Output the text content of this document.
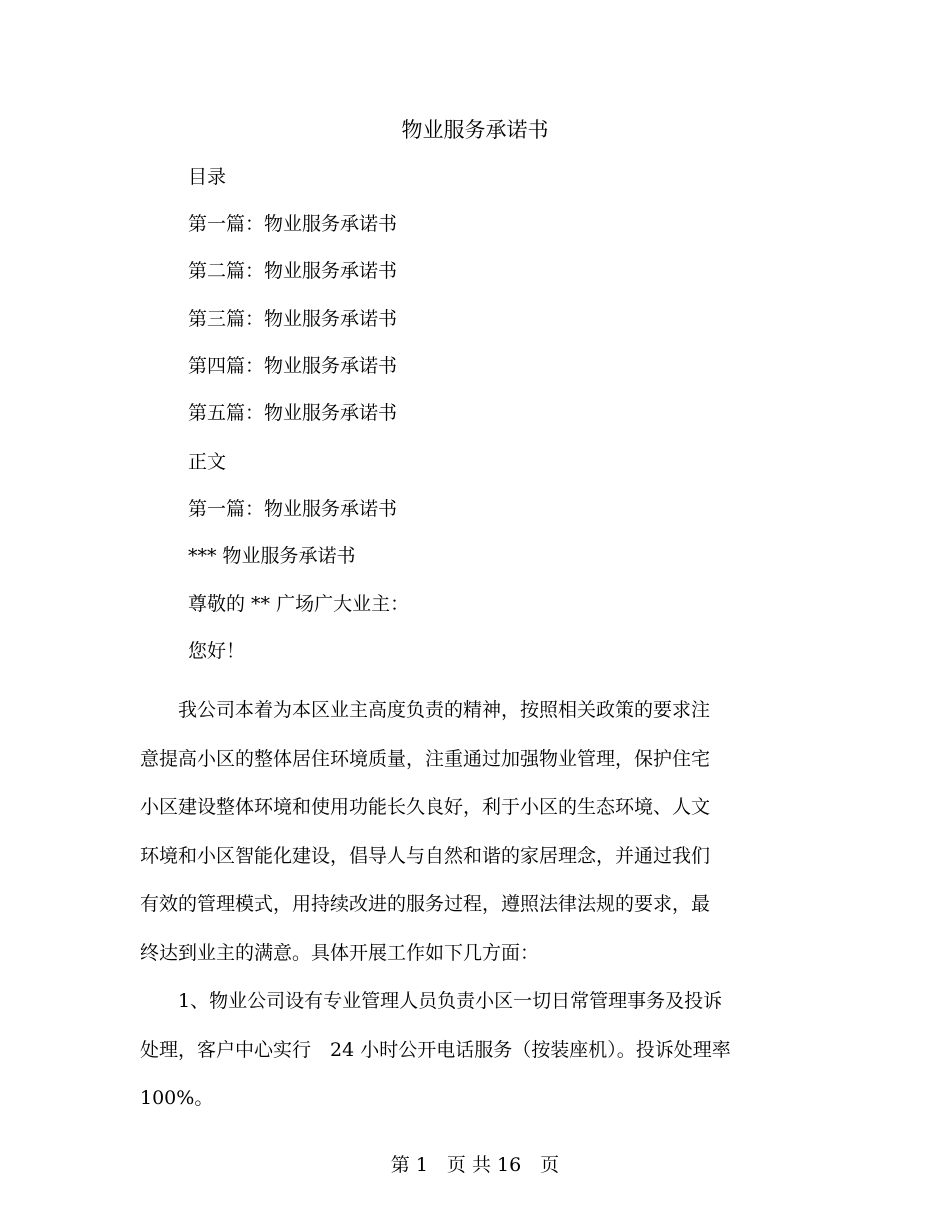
物业服务承诺书
目录
第一篇：物业服务承诺书
第二篇：物业服务承诺书
第三篇：物业服务承诺书
第四篇：物业服务承诺书
第五篇：物业服务承诺书
正文
第一篇：物业服务承诺书
*** 物业服务承诺书
尊敬的 ** 广场广大业主：
您好！

　　我公司本着为本区业主高度负责的精神，按照相关政策的要求注

意提高小区的整体居住环境质量，注重通过加强物业管理，保护住宅

小区建设整体环境和使用功能长久良好，利于小区的生态环境、人文

环境和小区智能化建设，倡导人与自然和谐的家居理念，并通过我们

有效的管理模式，用持续改进的服务过程，遵照法律法规的要求，最

终达到业主的满意。具体开展工作如下几方面：

　　1、物业公司设有专业管理人员负责小区一切日常管理事务及投诉

处理，客户中心实行　24 小时公开电话服务（按装座机）。投诉处理率

100%。

第 1　页 共 16　页
